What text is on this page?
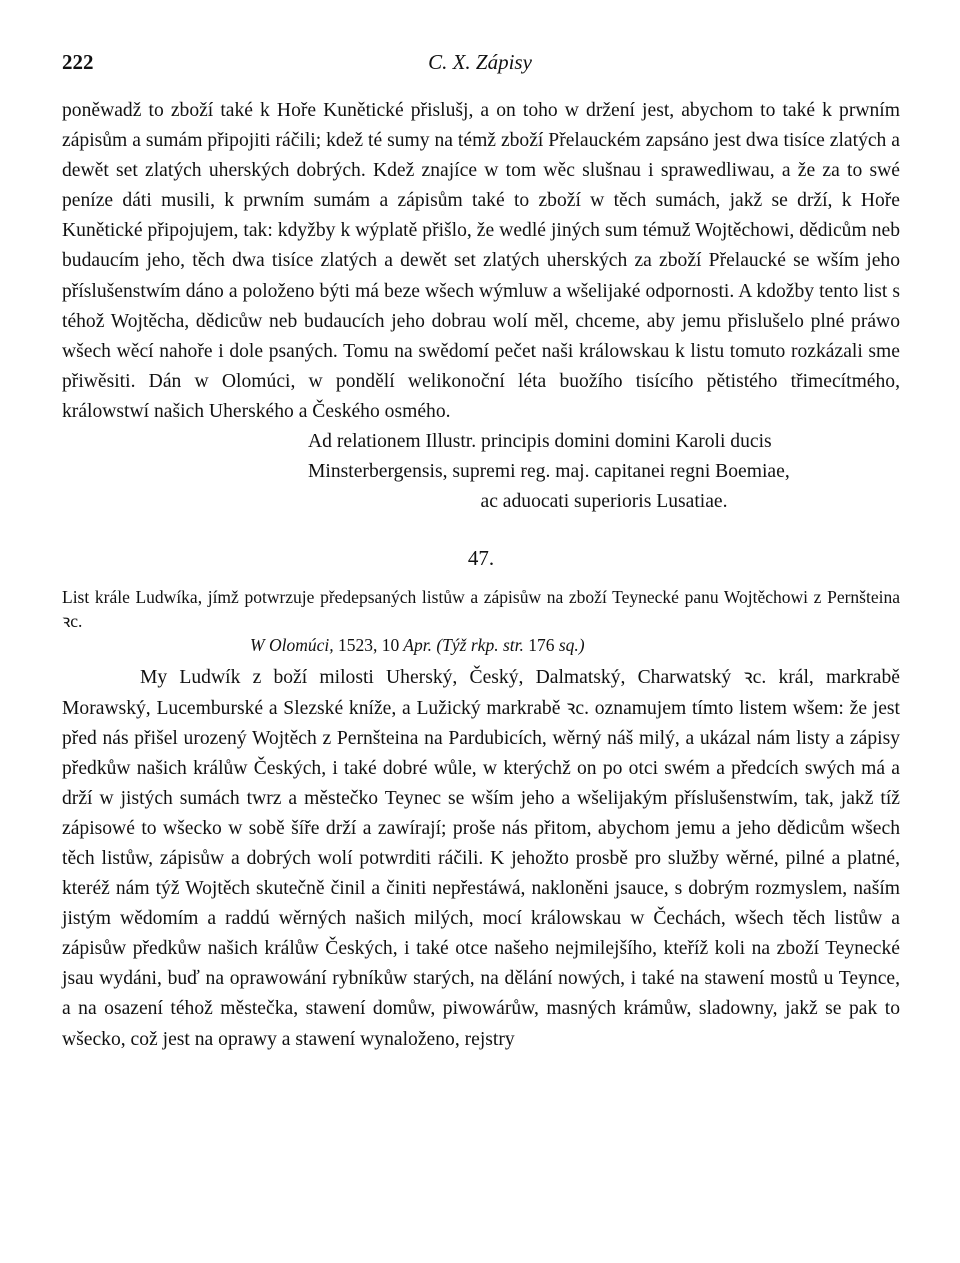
222	C. X. Zápisy

poněwadž to zboží také k Hoře Kunětické přislušj, a on toho w držení jest, abychom to také k prwním zápisům a sumám připojiti ráčili; kdež té sumy na témž zboží Přelauckém zapsáno jest dwa tisíce zlatých a dewět set zlatých uherských dobrých. Kdež znajíce w tom wěc slušnau i sprawedliwau, a že za to swé peníze dáti musili, k prwním sumám a zápisům také to zboží w těch sumách, jakž se drží, k Hoře Kunětické připojujem, tak: kdyžby k wýplatě přišlo, že wedlé jiných sum témuž Wojtěchowi, dědicům neb budaucím jeho, těch dwa tisíce zlatých a dewět set zlatých uherských za zboží Přelaucké se wším jeho příslušenstwím dáno a položeno býti má beze wšech wýmluw a wšelijaké odpornosti. A kdožby tento list s téhož Wojtěcha, dědicůw neb budaucích jeho dobrau wolí měl, chceme, aby jemu přislušelo plné práwo wšech wěcí nahoře i dole psaných. Tomu na swědomí pečet naši králowskau k listu tomuto rozkázali sme přiwěsiti. Dán w Olomúci, w pondělí welikonoční léta buožího tisícího pětistého třimecítmého, králowstwí našich Uherského a Českého osmého.

Ad relationem Illustr. principis domini domini Karoli ducis
Minsterbergensis, supremi reg. maj. capitanei regni Boemiae,
ac aduocati superioris Lusatiae.

47.

List krále Ludwíka, jímž potwrzuje předepsaných listůw a zápisůw na zboží Teynecké panu Wojtěchowi z Pernšteina ꝛc.

W Olomúci, 1523, 10 Apr. (Týž rkp. str. 176 sq.)

My Ludwík z boží milosti Uherský, Český, Dalmatský, Charwatský ꝛc. král, markrabě Morawský, Lucemburské a Slezské kníže, a Lužický markrabě ꝛc. oznamujem tímto listem wšem: že jest před nás přišel urozený Wojtěch z Pernšteina na Pardubicích, wěrný náš milý, a ukázal nám listy a zápisy předkůw našich králůw Českých, i také dobré wůle, w kterýchž on po otci swém a předcích swých má a drží w jistých sumách twrz a městečko Teynec se wším jeho a wšelijakým příslušenstwím, tak, jakž tíž zápisowé to wšecko w sobě šíře drží a zawírají; proše nás přitom, abychom jemu a jeho dědicům wšech těch listůw, zápisůw a dobrých wolí potwrditi ráčili. K jehožto prosbě pro služby wěrné, pilné a platné, kteréž nám týž Wojtěch skutečně činil a činiti nepřestáwá, nakloněni jsauce, s dobrým rozmyslem, naším jistým wědomím a raddú wěrných našich milých, mocí králowskau w Čechách, wšech těch listůw a zápisůw předkůw našich králůw Českých, i také otce našeho nejmilejšího, kteříž koli na zboží Teynecké jsau wydáni, buď na oprawowání rybníkůw starých, na dělání nowých, i také na stawení mostů u Teynce, a na osazení téhož městečka, stawení domůw, piwowárůw, masných krámůw, sladowny, jakž se pak to wšecko, což jest na oprawy a stawení wynaloženo, rejstry
